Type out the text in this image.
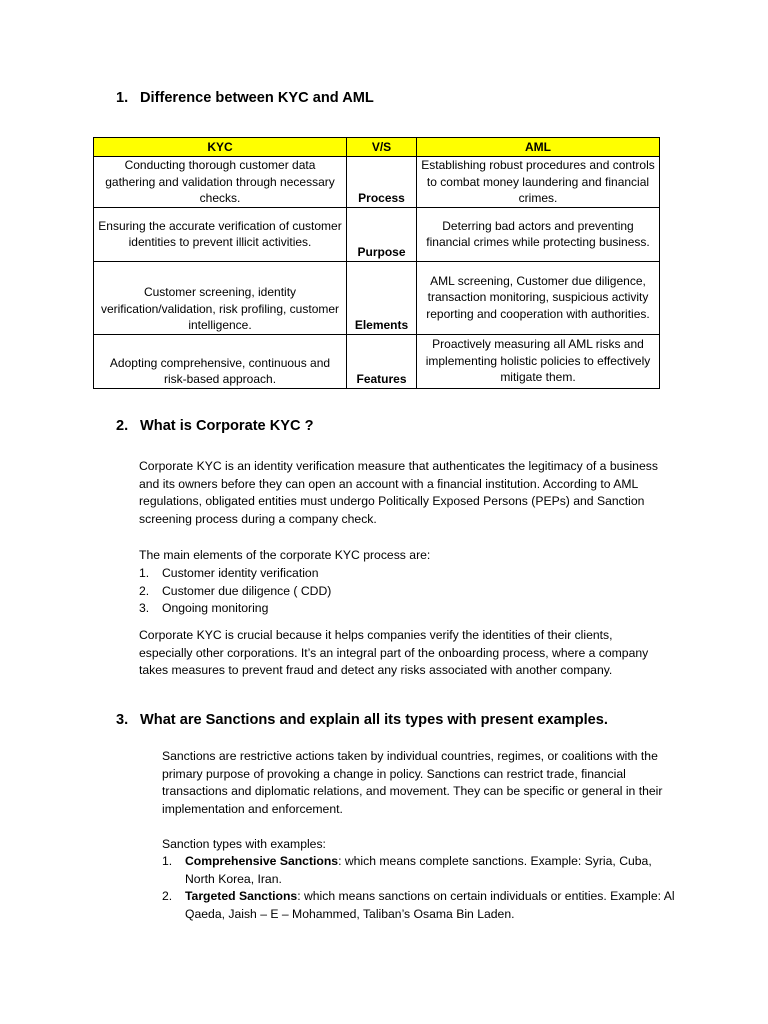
1. Difference between KYC and AML
KYC	V/S	AML
Conducting thorough customer data gathering and validation through necessary checks.	Process	Establishing robust procedures and controls to combat money laundering and financial crimes.
Ensuring the accurate verification of customer identities to prevent illicit activities.	Purpose	Deterring bad actors and preventing financial crimes while protecting business.
Customer screening, identity verification/validation, risk profiling, customer intelligence.	Elements	AML screening, Customer due diligence, transaction monitoring, suspicious activity reporting and cooperation with authorities.
Adopting comprehensive, continuous and risk-based approach.	Features	Proactively measuring all AML risks and implementing holistic policies to effectively mitigate them.
2. What is Corporate KYC ?
Corporate KYC is an identity verification measure that authenticates the legitimacy of a business and its owners before they can open an account with a financial institution. According to AML regulations, obligated entities must undergo Politically Exposed Persons (PEPs) and Sanction screening process during a company check.
The main elements of the corporate KYC process are:
1.	Customer identity verification
2.	Customer due diligence ( CDD)
3.	Ongoing monitoring
Corporate KYC is crucial because it helps companies verify the identities of their clients, especially other corporations. It’s an integral part of the onboarding process, where a company takes measures to prevent fraud and detect any risks associated with another company.
3. What are Sanctions and explain all its types with present examples.
Sanctions are restrictive actions taken by individual countries, regimes, or coalitions with the primary purpose of provoking a change in policy. Sanctions can restrict trade, financial transactions and diplomatic relations, and movement. They can be specific or general in their implementation and enforcement.
Sanction types with examples:
1.	Comprehensive Sanctions: which means complete sanctions. Example: Syria, Cuba, North Korea, Iran.
2.	Targeted Sanctions: which means sanctions on certain individuals or entities. Example: Al Qaeda, Jaish – E – Mohammed, Taliban’s Osama Bin Laden.
